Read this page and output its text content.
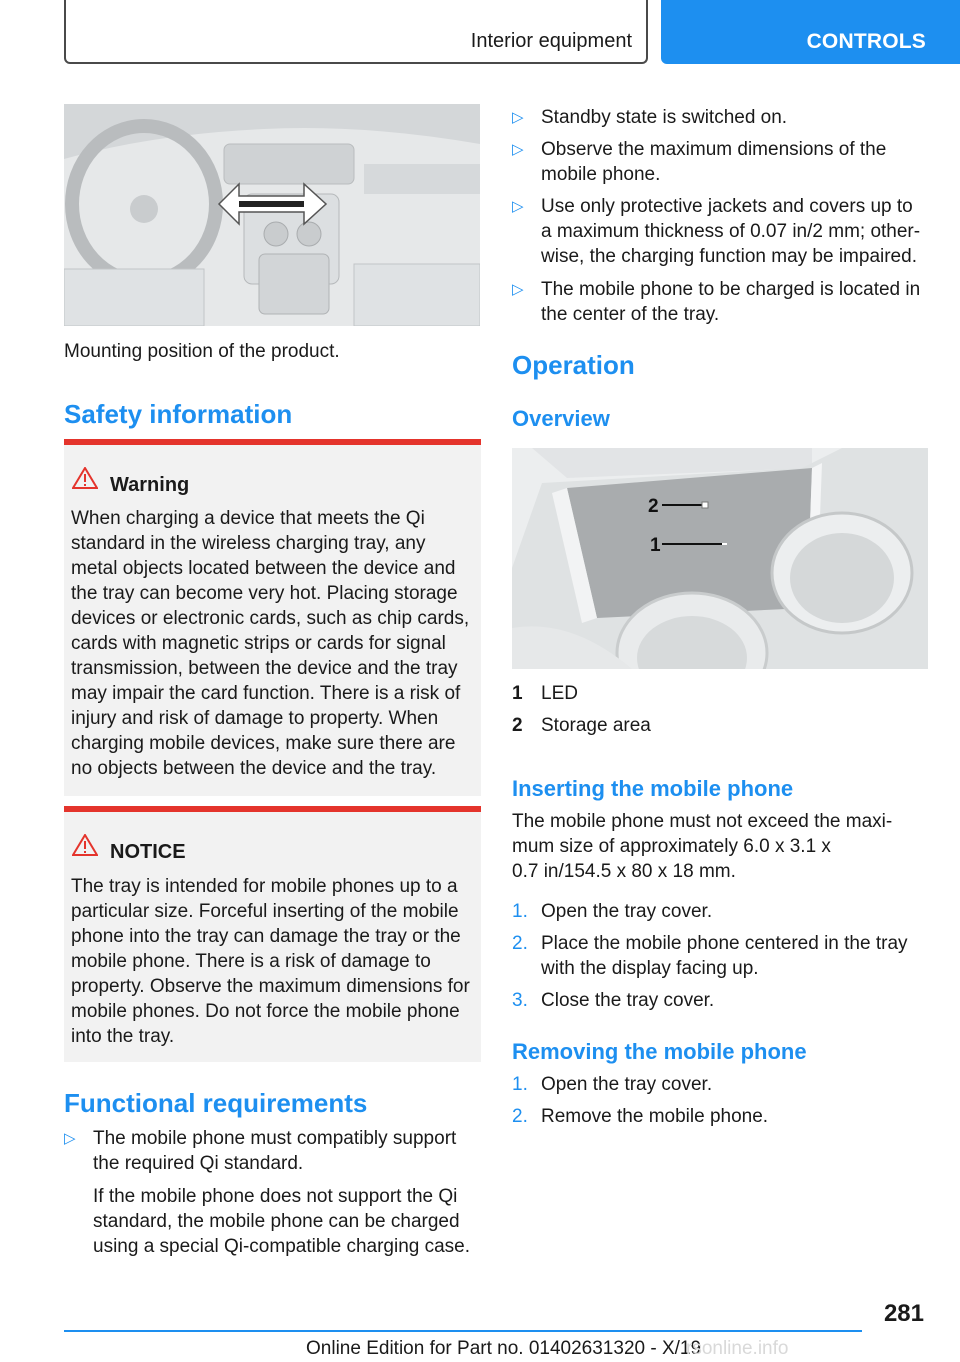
Interior equipment	CONTROLS

Mounting position of the product.

Safety information
Warning
When charging a device that meets the Qi
standard in the wireless charging tray, any
metal objects located between the device and
the tray can become very hot. Placing storage
devices or electronic cards, such as chip cards,
cards with magnetic strips or cards for signal
transmission, between the device and the tray
may impair the card function. There is a risk of
injury and risk of damage to property. When
charging mobile devices, make sure there are
no objects between the device and the tray.
NOTICE
The tray is intended for mobile phones up to a
particular size. Forceful inserting of the mobile
phone into the tray can damage the tray or the
mobile phone. There is a risk of damage to
property. Observe the maximum dimensions for
mobile phones. Do not force the mobile phone
into the tray.
Functional requirements
▷ The mobile phone must compatibly support
the required Qi standard.
If the mobile phone does not support the Qi
standard, the mobile phone can be charged
using a special Qi-compatible charging case.
▷ Standby state is switched on.
▷ Observe the maximum dimensions of the
mobile phone.
▷ Use only protective jackets and covers up to
a maximum thickness of 0.07 in/2 mm; other-
wise, the charging function may be impaired.
▷ The mobile phone to be charged is located in
the center of the tray.
Operation
Overview
2
1
1 LED
2 Storage area
Inserting the mobile phone
The mobile phone must not exceed the maxi-
mum size of approximately 6.0 x 3.1 x
0.7 in/154.5 x 80 x 18 mm.
1. Open the tray cover.
2. Place the mobile phone centered in the tray
with the display facing up.
3. Close the tray cover.
Removing the mobile phone
1. Open the tray cover.
2. Remove the mobile phone.
281
Online Edition for Part no. 01402631320 - X/19
rsonline.info
